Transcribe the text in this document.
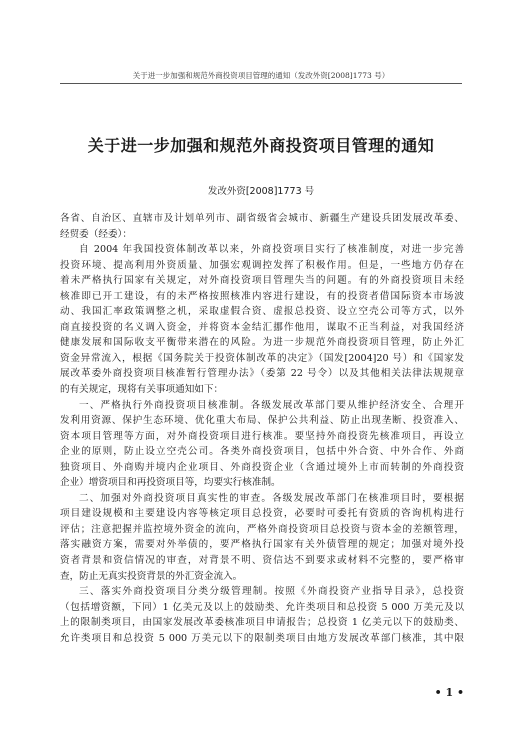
关于进一步加强和规范外商投资项目管理的通知（发改外资[2008]1773 号）
关于进一步加强和规范外商投资项目管理的通知
发改外资[2008]1773 号
各省、自治区、直辖市及计划单列市、副省级省会城市、新疆生产建设兵团发展改革委、
经贸委（经委）：
自 2004 年我国投资体制改革以来，外商投资项目实行了核准制度，对进一步完善
投资环境、提高利用外资质量、加强宏观调控发挥了积极作用。但是，一些地方仍存在
着未严格执行国家有关规定，对外商投资项目管理失当的问题。有的外商投资项目未经
核准即已开工建设，有的未严格按照核准内容进行建设，有的投资者借国际资本市场波
动、我国汇率政策调整之机，采取虚假合资、虚报总投资、设立空壳公司等方式，以外
商直接投资的名义调入资金，并将资本金结汇挪作他用，谋取不正当利益，对我国经济
健康发展和国际收支平衡带来潜在的风险。为进一步规范外商投资项目管理，防止外汇
资金异常流入，根据《国务院关于投资体制改革的决定》（国发[2004]20 号）和《国家发
展改革委外商投资项目核准暂行管理办法》（委第 22 号令）以及其他相关法律法规规章
的有关规定，现将有关事项通知如下：
一、严格执行外商投资项目核准制。各级发展改革部门要从维护经济安全、合理开
发利用资源、保护生态环境、优化重大布局、保护公共利益、防止出现垄断、投资准入、
资本项目管理等方面，对外商投资项目进行核准。要坚持外商投资先核准项目，再设立
企业的原则，防止设立空壳公司。各类外商投资项目，包括中外合资、中外合作、外商
独资项目、外商购并境内企业项目、外商投资企业（含通过境外上市而转制的外商投资
企业）增资项目和再投资项目等，均要实行核准制。
二、加强对外商投资项目真实性的审查。各级发展改革部门在核准项目时，要根据
项目建设规模和主要建设内容等核定项目总投资，必要时可委托有资质的咨询机构进行
评估；注意把握并监控境外资金的流向，严格外商投资项目总投资与资本金的差额管理，
落实融资方案，需要对外举债的，要严格执行国家有关外债管理的规定；加强对境外投
资者背景和资信情况的审查，对背景不明、资信达不到要求或材料不完整的，要严格审
查，防止无真实投资背景的外汇资金流入。
三、落实外商投资项目分类分级管理制。按照《外商投资产业指导目录》，总投资
（包括增资额，下同）1 亿美元及以上的鼓励类、允许类项目和总投资 5 000 万美元及以
上的限制类项目，由国家发展改革委核准项目申请报告；总投资 1 亿美元以下的鼓励类、
允许类项目和总投资 5 000 万美元以下的限制类项目由地方发展改革部门核准，其中限
• 1 •
